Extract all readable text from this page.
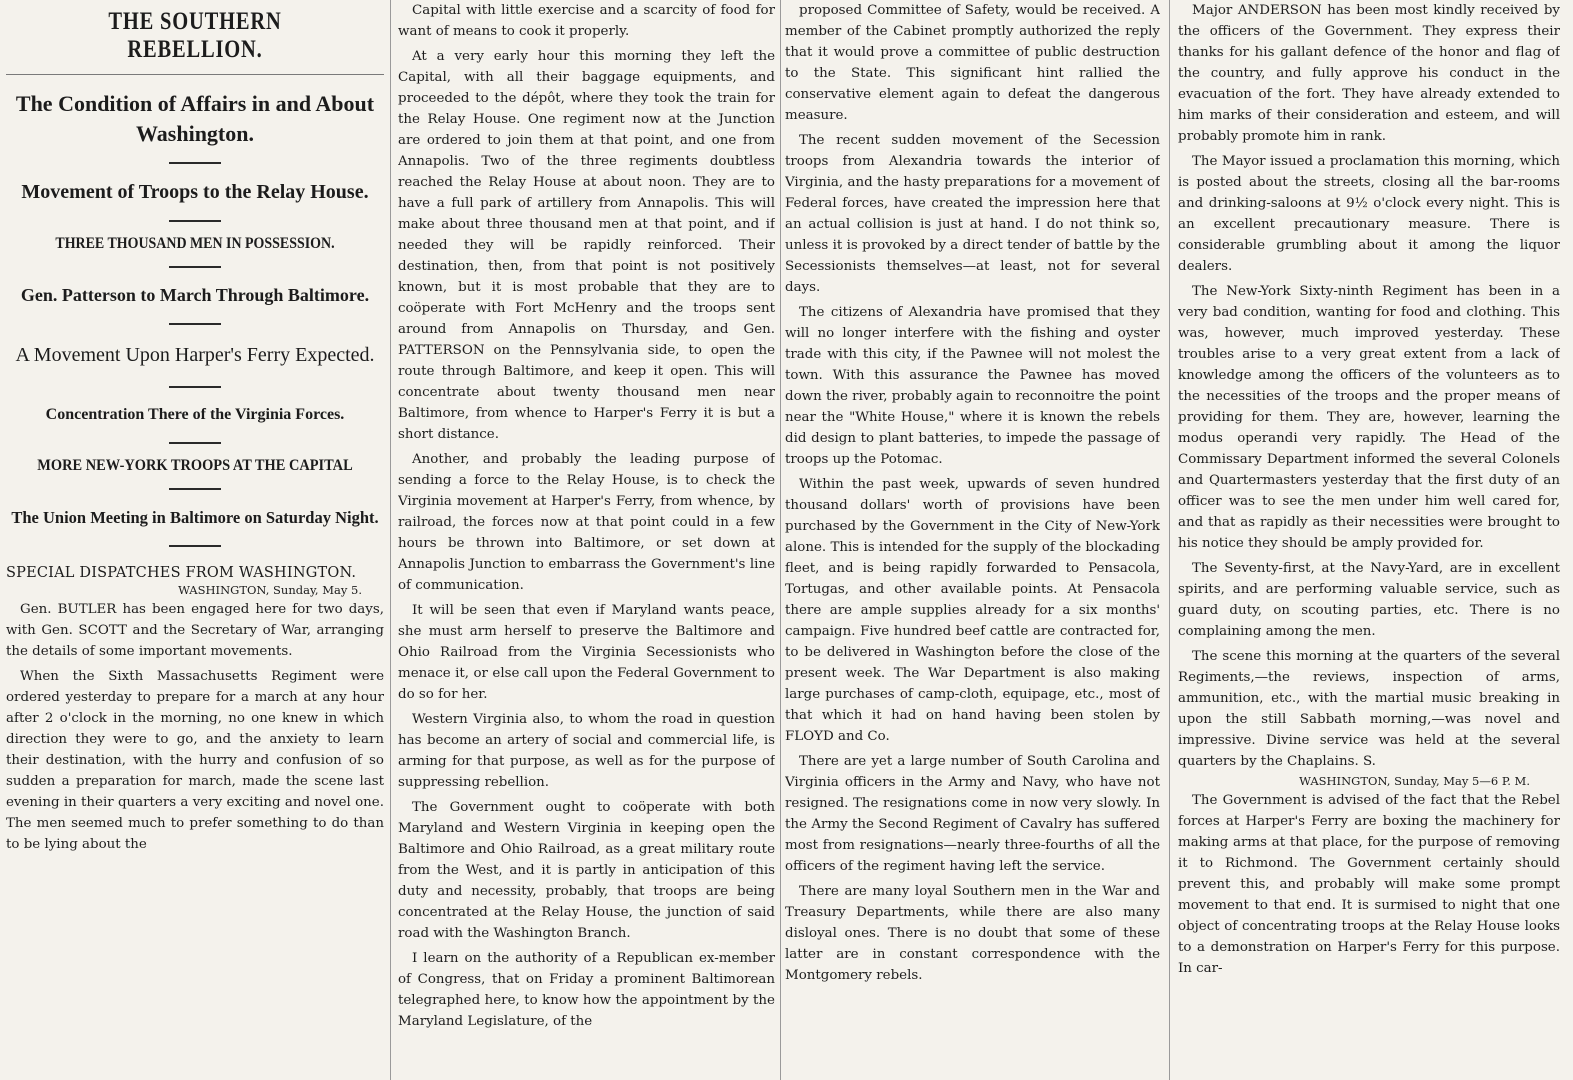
THE SOUTHERN REBELLION.
The Condition of Affairs in and About Washington.
Movement of Troops to the Relay House.
THREE THOUSAND MEN IN POSSESSION.
Gen. Patterson to March Through Baltimore.
A Movement Upon Harper's Ferry Expected.
Concentration There of the Virginia Forces.
MORE NEW-YORK TROOPS AT THE CAPITAL
The Union Meeting in Baltimore on Saturday Night.
SPECIAL DISPATCHES FROM WASHINGTON.
WASHINGTON, Sunday, May 5.

Gen. BUTLER has been engaged here for two days, with Gen. SCOTT and the Secretary of War, arranging the details of some important movements.

When the Sixth Massachusetts Regiment were ordered yesterday to prepare for a march at any hour after 2 o'clock in the morning, no one knew in which direction they were to go, and the anxiety to learn their destination, with the hurry and confusion of so sudden a preparation for march, made the scene last evening in their quarters a very exciting and novel one. The men seemed much to prefer something to do than to be lying about the

Capital with little exercise and a scarcity of food for want of means to cook it properly.

At a very early hour this morning they left the Capital, with all their baggage equipments, and proceeded to the dépôt, where they took the train for the Relay House. One regiment now at the Junction are ordered to join them at that point, and one from Annapolis. Two of the three regiments doubtless reached the Relay House at about noon. They are to have a full park of artillery from Annapolis. This will make about three thousand men at that point, and if needed they will be rapidly reinforced. Their destination, then, from that point is not positively known, but it is most probable that they are to coöperate with Fort McHenry and the troops sent around from Annapolis on Thursday, and Gen. PATTERSON on the Pennsylvania side, to open the route through Baltimore, and keep it open. This will concentrate about twenty thousand men near Baltimore, from whence to Harper's Ferry it is but a short distance.

Another, and probably the leading purpose of sending a force to the Relay House, is to check the Virginia movement at Harper's Ferry, from whence, by railroad, the forces now at that point could in a few hours be thrown into Baltimore, or set down at Annapolis Junction to embarrass the Government's line of communication.

It will be seen that even if Maryland wants peace, she must arm herself to preserve the Baltimore and Ohio Railroad from the Virginia Secessionists who menace it, or else call upon the Federal Government to do so for her.

Western Virginia also, to whom the road in question has become an artery of social and commercial life, is arming for that purpose, as well as for the purpose of suppressing rebellion.

The Government ought to coöperate with both Maryland and Western Virginia in keeping open the Baltimore and Ohio Railroad, as a great military route from the West, and it is partly in anticipation of this duty and necessity, probably, that troops are being concentrated at the Relay House, the junction of said road with the Washington Branch.

I learn on the authority of a Republican ex-member of Congress, that on Friday a prominent Baltimorean telegraphed here, to know how the appointment by the Maryland Legislature, of the

proposed Committee of Safety, would be received. A member of the Cabinet promptly authorized the reply that it would prove a committee of public destruction to the State. This significant hint rallied the conservative element again to defeat the dangerous measure.

The recent sudden movement of the Secession troops from Alexandria towards the interior of Virginia, and the hasty preparations for a movement of Federal forces, have created the impression here that an actual collision is just at hand. I do not think so, unless it is provoked by a direct tender of battle by the Secessionists themselves—at least, not for several days.

The citizens of Alexandria have promised that they will no longer interfere with the fishing and oyster trade with this city, if the Pawnee will not molest the town. With this assurance the Pawnee has moved down the river, probably again to reconnoitre the point near the "White House," where it is known the rebels did design to plant batteries, to impede the passage of troops up the Potomac.

Within the past week, upwards of seven hundred thousand dollars' worth of provisions have been purchased by the Government in the City of New-York alone. This is intended for the supply of the blockading fleet, and is being rapidly forwarded to Pensacola, Tortugas, and other available points. At Pensacola there are ample supplies already for a six months' campaign. Five hundred beef cattle are contracted for, to be delivered in Washington before the close of the present week. The War Department is also making large purchases of camp-cloth, equipage, etc., most of that which it had on hand having been stolen by FLOYD and Co.

There are yet a large number of South Carolina and Virginia officers in the Army and Navy, who have not resigned. The resignations come in now very slowly. In the Army the Second Regiment of Cavalry has suffered most from resignations—nearly three-fourths of all the officers of the regiment having left the service.

There are many loyal Southern men in the War and Treasury Departments, while there are also many disloyal ones. There is no doubt that some of these latter are in constant correspondence with the Montgomery rebels.

Major ANDERSON has been most kindly received by the officers of the Government. They express their thanks for his gallant defence of the honor and flag of the country, and fully approve his conduct in the evacuation of the fort. They have already extended to him marks of their consideration and esteem, and will probably promote him in rank.

The Mayor issued a proclamation this morning, which is posted about the streets, closing all the bar-rooms and drinking-saloons at 9½ o'clock every night. This is an excellent precautionary measure. There is considerable grumbling about it among the liquor dealers.

The New-York Sixty-ninth Regiment has been in a very bad condition, wanting for food and clothing. This was, however, much improved yesterday. These troubles arise to a very great extent from a lack of knowledge among the officers of the volunteers as to the necessities of the troops and the proper means of providing for them. They are, however, learning the modus operandi very rapidly. The Head of the Commissary Department informed the several Colonels and Quartermasters yesterday that the first duty of an officer was to see the men under him well cared for, and that as rapidly as their necessities were brought to his notice they should be amply provided for.

The Seventy-first, at the Navy-Yard, are in excellent spirits, and are performing valuable service, such as guard duty, on scouting parties, etc. There is no complaining among the men.

The scene this morning at the quarters of the several Regiments,—the reviews, inspection of arms, ammunition, etc., with the martial music breaking in upon the still Sabbath morning,—was novel and impressive. Divine service was held at the several quarters by the Chaplains. S.

WASHINGTON, Sunday, May 5—6 P. M.

The Government is advised of the fact that the Rebel forces at Harper's Ferry are boxing the machinery for making arms at that place, for the purpose of removing it to Richmond. The Government certainly should prevent this, and probably will make some prompt movement to that end. It is surmised to night that one object of concentrating troops at the Relay House looks to a demonstration on Harper's Ferry for this purpose. In car-
